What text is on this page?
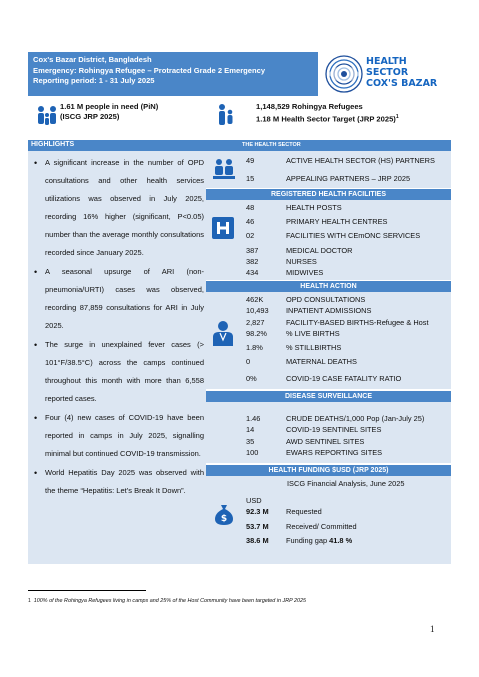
Cox's Bazar District, Bangladesh
Emergency: Rohingya Refugee – Protracted Grade 2 Emergency
Reporting period: 1 - 31 July 2025
HEALTH
SECTOR
COX'S BAZAR
1.61 M people in need (PiN)
(ISCG JRP 2025)
1,148,529 Rohingya Refugees
1.18 M Health Sector Target (JRP 2025)$^1$
HIGHLIGHTS	THE HEALTH SECTOR
• A significant increase in the number of OPD consultations and other health services utilizations was observed in July 2025, recording 16% higher (significant, P<0.05) number than the average monthly consultations recorded since January 2025.
• A seasonal upsurge of ARI (non-pneumonia/URTI) cases was observed, recording 87,859 consultations for ARI in July 2025.
• The surge in unexplained fever cases (> 101°F/38.5°C) across the camps continued throughout this month with more than 6,558 reported cases.
• Four (4) new cases of COVID-19 have been reported in camps in July 2025, signalling minimal but continued COVID-19 transmission.
• World Hepatitis Day 2025 was observed with the theme “Hepatitis: Let’s Break It Down”.
49	ACTIVE HEALTH SECTOR (HS) PARTNERS
15	APPEALING PARTNERS – JRP 2025
REGISTERED HEALTH FACILITIES
48	HEALTH POSTS
46	PRIMARY HEALTH CENTRES
02	FACILITIES WITH CEmONC SERVICES
387	MEDICAL DOCTOR
382	NURSES
434	MIDWIVES
HEALTH ACTION
462K	OPD CONSULTATIONS
10,493 INPATIENT ADMISSIONS
2,827	FACILITY-BASED BIRTHS-Refugee & Host
98.2%	% LIVE BIRTHS
1.8%	% STILLBIRTHS
0	MATERNAL DEATHS
0%	COVID-19 CASE FATALITY RATIO
DISEASE SURVEILLANCE
1.46	CRUDE DEATHS/1,000 Pop (Jan-July 25)
14	COVID-19 SENTINEL SITES
35	AWD SENTINEL SITES
100	EWARS REPORTING SITES
HEALTH FUNDING $USD (JRP 2025)
ISCG Financial Analysis, June 2025
USD
$
92.3 M Requested
53.7 M Received/ Committed
38.6 M Funding gap 41.8 %
$^1$ 100% of the Rohingya Refugees living in camps and 25% of the Host Community have been targeted in JRP 2025
1
